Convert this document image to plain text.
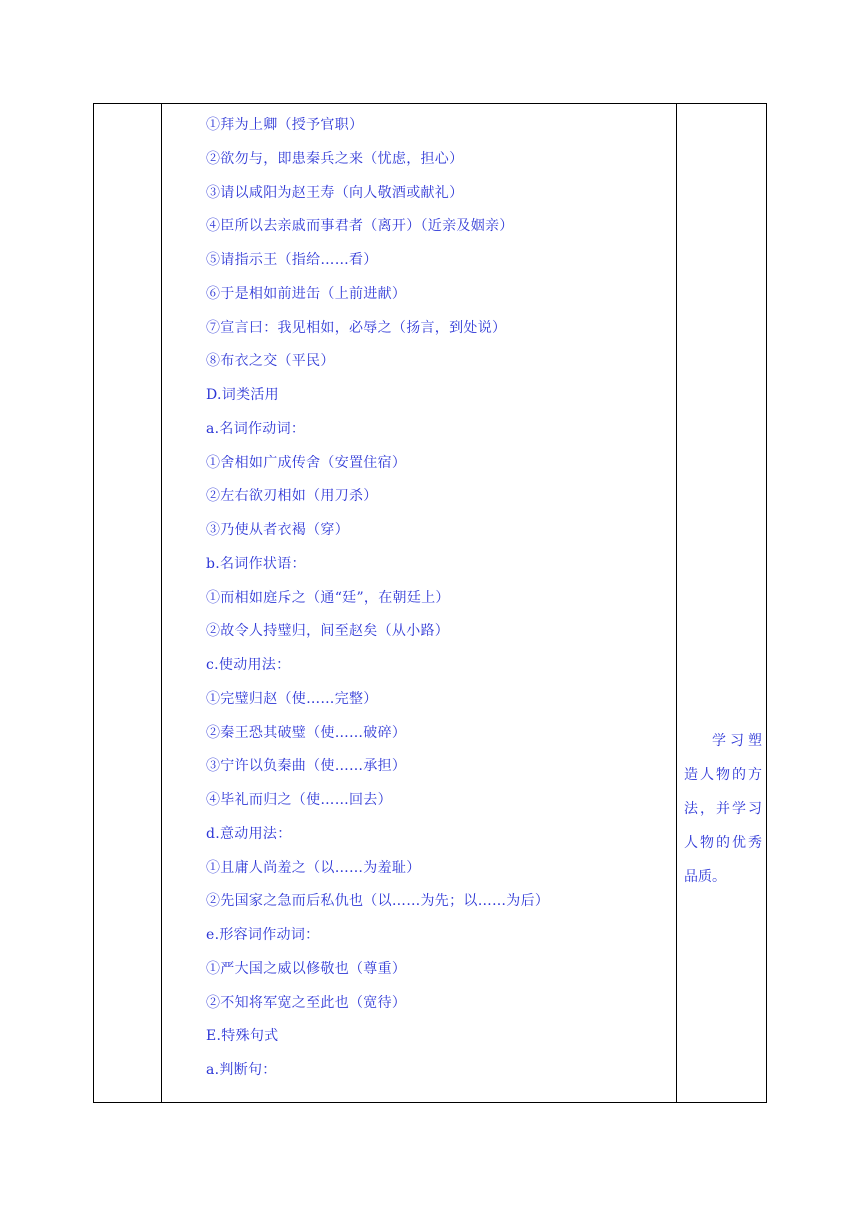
①拜为上卿（授予官职）
②欲勿与，即患秦兵之来（忧虑，担心）
③请以咸阳为赵王寿（向人敬酒或献礼）
④臣所以去亲戚而事君者（离开）（近亲及姻亲）
⑤请指示王（指给……看）
⑥于是相如前进缶（上前进献）
⑦宣言曰：我见相如，必辱之（扬言，到处说）
⑧布衣之交（平民）
D.词类活用
a.名词作动词：
①舍相如广成传舍（安置住宿）
②左右欲刃相如（用刀杀）
③乃使从者衣褐（穿）
b.名词作状语：
①而相如庭斥之（通“廷”，在朝廷上）
②故令人持璧归，间至赵矣（从小路）
c.使动用法：
①完璧归赵（使……完整）
②秦王恐其破璧（使……破碎）
③宁许以负秦曲（使……承担）
④毕礼而归之（使……回去）
d.意动用法：
①且庸人尚羞之（以……为羞耻）
②先国家之急而后私仇也（以……为先；以……为后）
e.形容词作动词：
①严大国之威以修敬也（尊重）
②不知将军宽之至此也（宽待）
E.特殊句式
a.判断句：
学习塑造人物的方法，并学习人物的优秀品质。
